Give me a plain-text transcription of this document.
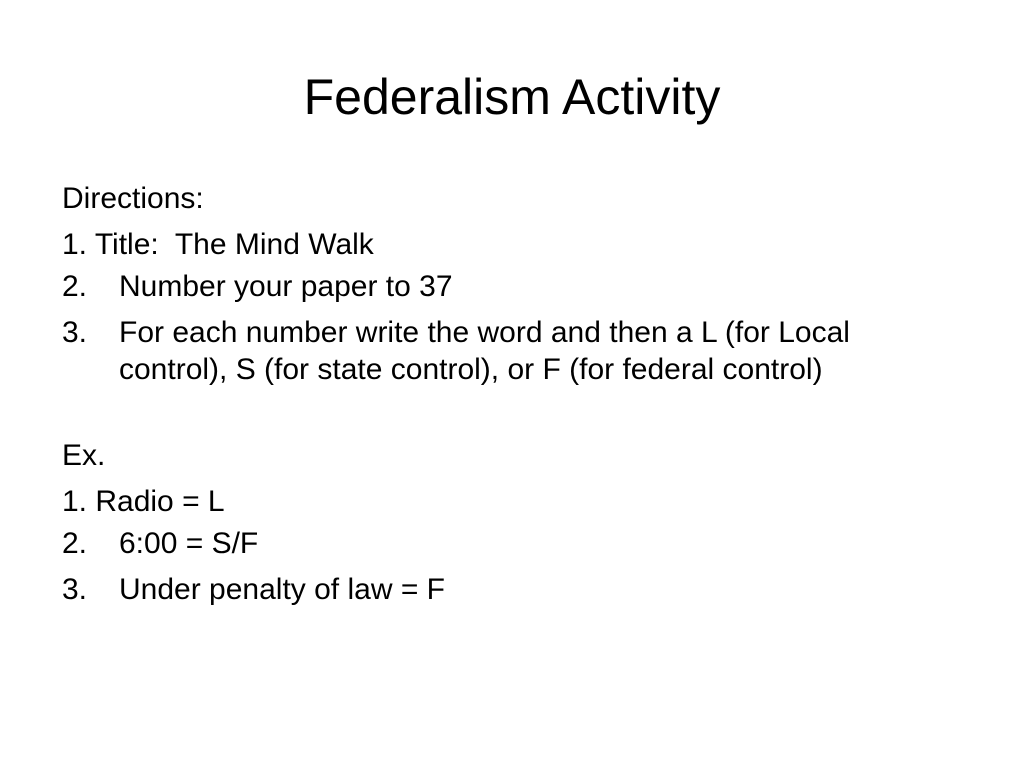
Federalism Activity
Directions:
1. Title:  The Mind Walk
2. Number your paper to 37
3. For each number write the word and then a L (for Local control), S (for state control), or F (for federal control)
Ex.
1. Radio = L
2. 6:00 = S/F
3. Under penalty of law = F
